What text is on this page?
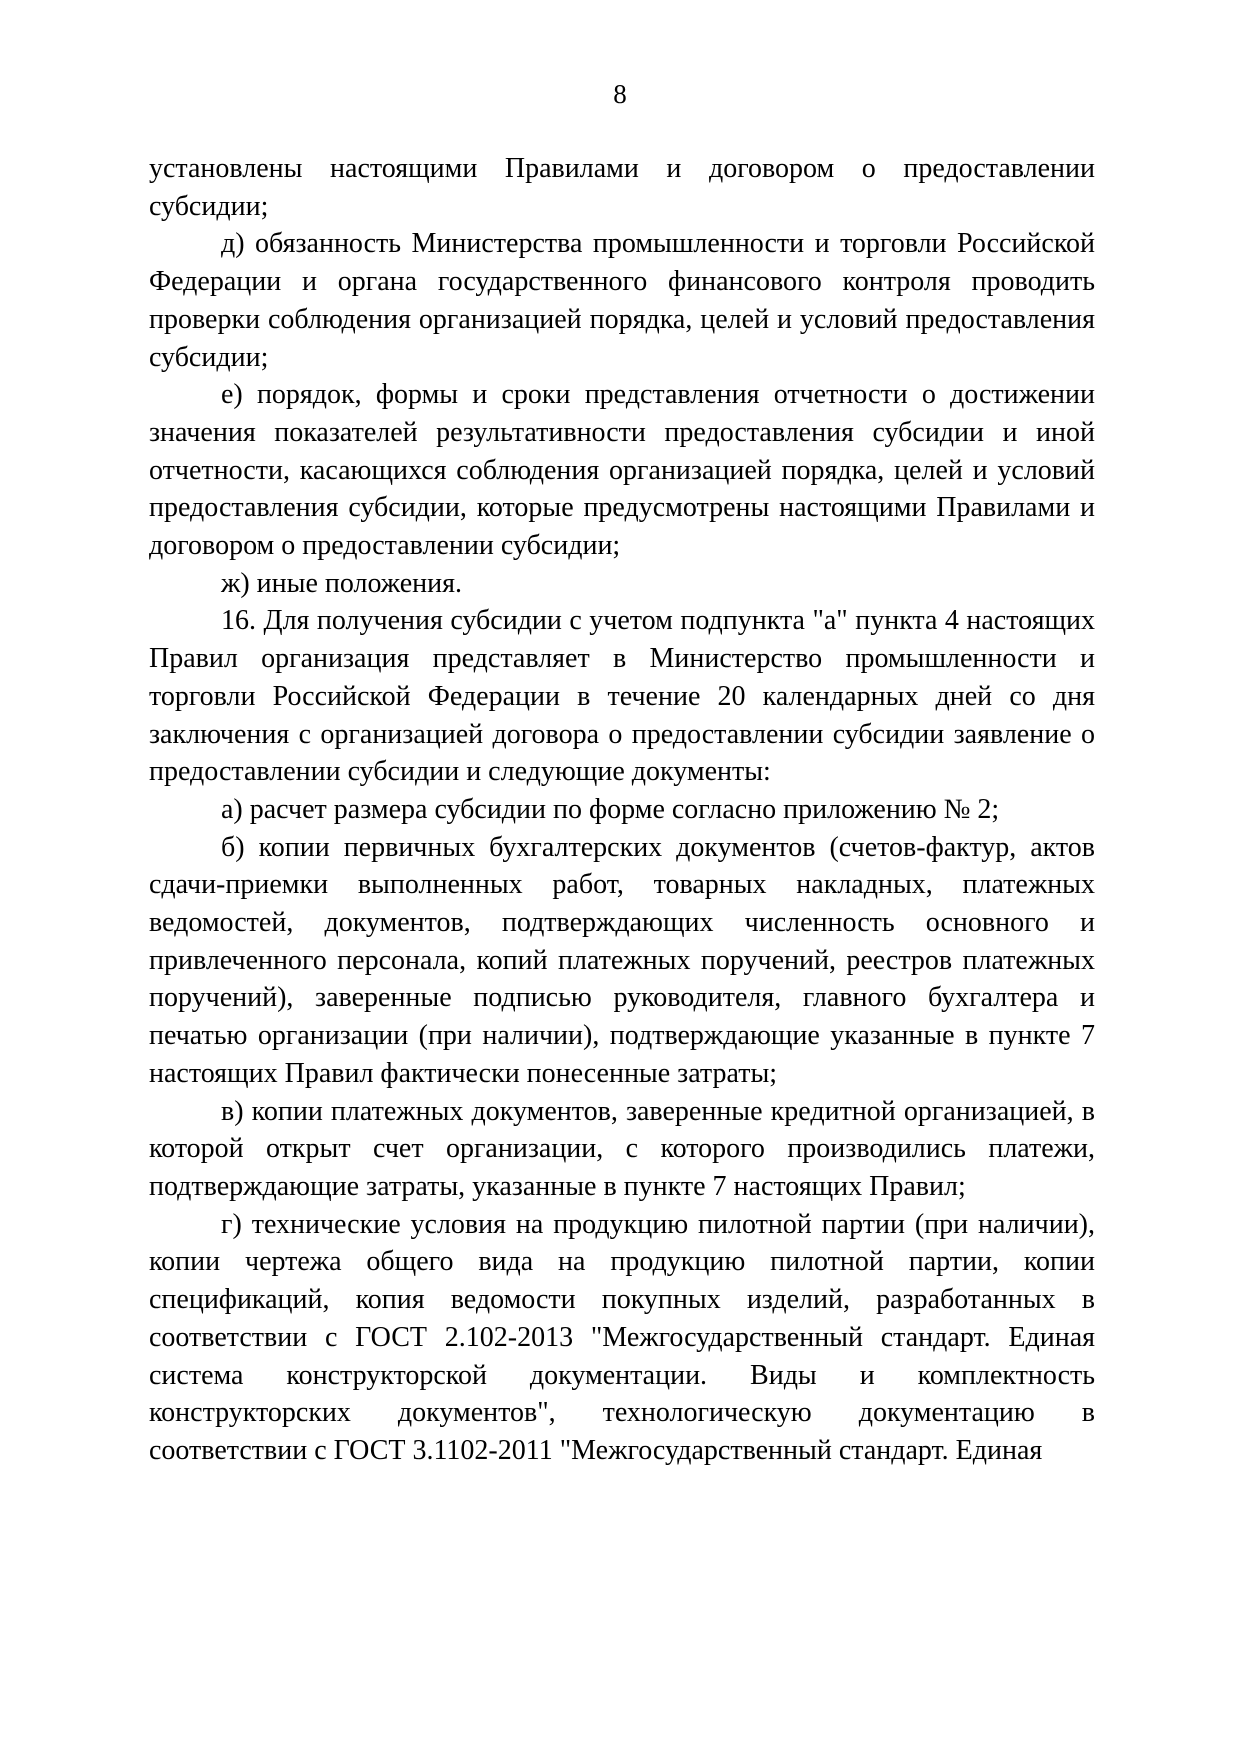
8

установлены настоящими Правилами и договором о предоставлении субсидии;

д) обязанность Министерства промышленности и торговли Российской Федерации и органа государственного финансового контроля проводить проверки соблюдения организацией порядка, целей и условий предоставления субсидии;

е) порядок, формы и сроки представления отчетности о достижении значения показателей результативности предоставления субсидии и иной отчетности, касающихся соблюдения организацией порядка, целей и условий предоставления субсидии, которые предусмотрены настоящими Правилами и договором о предоставлении субсидии;

ж) иные положения.

16. Для получения субсидии с учетом подпункта "а" пункта 4 настоящих Правил организация представляет в Министерство промышленности и торговли Российской Федерации в течение 20 календарных дней со дня заключения с организацией договора о предоставлении субсидии заявление о предоставлении субсидии и следующие документы:

а) расчет размера субсидии по форме согласно приложению № 2;

б) копии первичных бухгалтерских документов (счетов-фактур, актов сдачи-приемки выполненных работ, товарных накладных, платежных ведомостей, документов, подтверждающих численность основного и привлеченного персонала, копий платежных поручений, реестров платежных поручений), заверенные подписью руководителя, главного бухгалтера и печатью организации (при наличии), подтверждающие указанные в пункте 7 настоящих Правил фактически понесенные затраты;

в) копии платежных документов, заверенные кредитной организацией, в которой открыт счет организации, с которого производились платежи, подтверждающие затраты, указанные в пункте 7 настоящих Правил;

г) технические условия на продукцию пилотной партии (при наличии), копии чертежа общего вида на продукцию пилотной партии, копии спецификаций, копия ведомости покупных изделий, разработанных в соответствии с ГОСТ 2.102-2013 "Межгосударственный стандарт. Единая система конструкторской документации. Виды и комплектность конструкторских документов", технологическую документацию в соответствии с ГОСТ 3.1102-2011 "Межгосударственный стандарт. Единая
